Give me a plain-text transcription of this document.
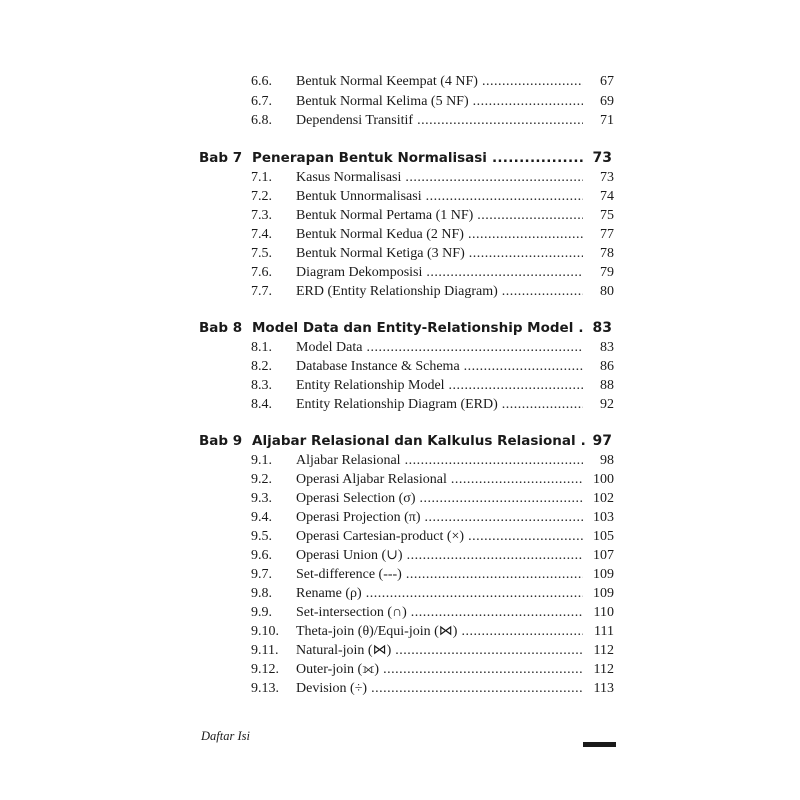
6.6. Bentuk Normal Keempat (4 NF) .....	67
6.7. Bentuk Normal Kelima (5 NF) .....	69
6.8. Dependensi Transitif .....	71
Bab 7 Penerapan Bentuk Normalisasi .....	73
7.1. Kasus Normalisasi .....	73
7.2. Bentuk Unnormalisasi .....	74
7.3. Bentuk Normal Pertama (1 NF) .....	75
7.4. Bentuk Normal Kedua (2 NF) .....	77
7.5. Bentuk Normal Ketiga (3 NF) .....	78
7.6. Diagram Dekomposisi .....	79
7.7. ERD (Entity Relationship Diagram) .....	80
Bab 8 Model Data dan Entity-Relationship Model .....	83
8.1. Model Data .....	83
8.2. Database Instance & Schema .....	86
8.3. Entity Relationship Model .....	88
8.4. Entity Relationship Diagram (ERD) .....	92
Bab 9 Aljabar Relasional dan Kalkulus Relasional .....	97
9.1. Aljabar Relasional .....	98
9.2. Operasi Aljabar Relasional .....	100
9.3. Operasi Selection (σ) .....	102
9.4. Operasi Projection (π) .....	103
9.5. Operasi Cartesian-product (×) .....	105
9.6. Operasi Union (∪) .....	107
9.7. Set-difference (---) .....	109
9.8. Rename (ρ) .....	109
9.9. Set-intersection (∩) .....	110
9.10. Theta-join (θ)/Equi-join (⋈) .....	111
9.11. Natural-join (⋈) .....	112
9.12. Outer-join (⟗) .....	112
9.13. Devision (÷) .....	113
Daftar Isi
